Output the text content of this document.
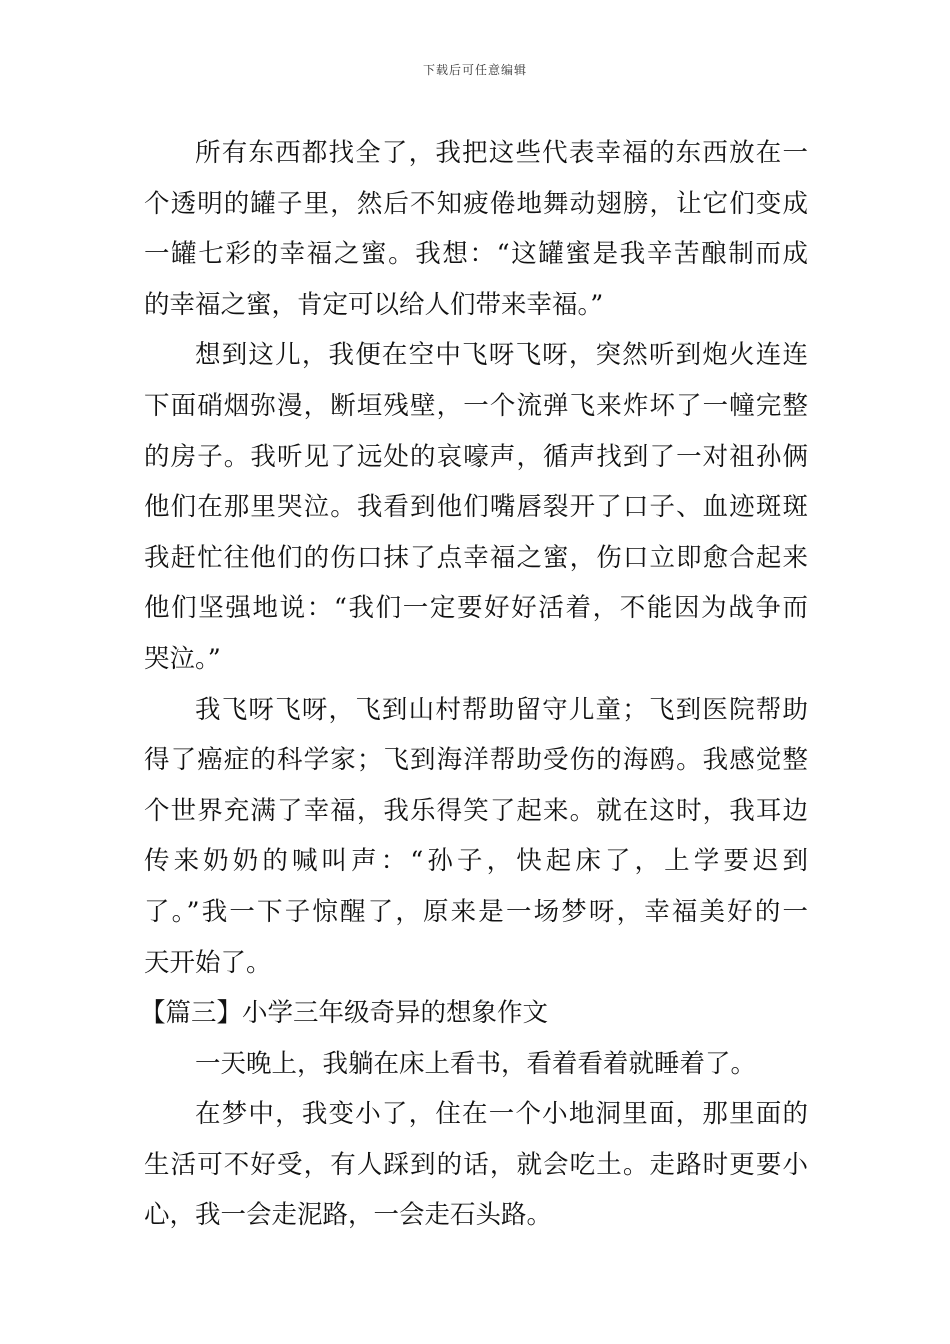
下载后可任意编辑
所有东西都找全了，我把这些代表幸福的东西放在一
个透明的罐子里，然后不知疲倦地舞动翅膀，让它们变成
一罐七彩的幸福之蜜。我想：“这罐蜜是我辛苦酿制而成
的幸福之蜜，肯定可以给人们带来幸福。”
想到这儿，我便在空中飞呀飞呀，突然听到炮火连连
下面硝烟弥漫，断垣残壁，一个流弹飞来炸坏了一幢完整
的房子。我听见了远处的哀嚎声，循声找到了一对祖孙俩
他们在那里哭泣。我看到他们嘴唇裂开了口子、血迹斑斑
我赶忙往他们的伤口抹了点幸福之蜜，伤口立即愈合起来
他们坚强地说：“我们一定要好好活着，不能因为战争而
哭泣。”
我飞呀飞呀，飞到山村帮助留守儿童；飞到医院帮助
得了癌症的科学家；飞到海洋帮助受伤的海鸥。我感觉整
个世界充满了幸福，我乐得笑了起来。就在这时，我耳边
传来奶奶的喊叫声：“孙子，快起床了，上学要迟到
了。”我一下子惊醒了，原来是一场梦呀，幸福美好的一
天开始了。
【篇三】小学三年级奇异的想象作文
一天晚上，我躺在床上看书，看着看着就睡着了。
在梦中，我变小了，住在一个小地洞里面，那里面的
生活可不好受，有人踩到的话，就会吃土。走路时更要小
心，我一会走泥路，一会走石头路。
